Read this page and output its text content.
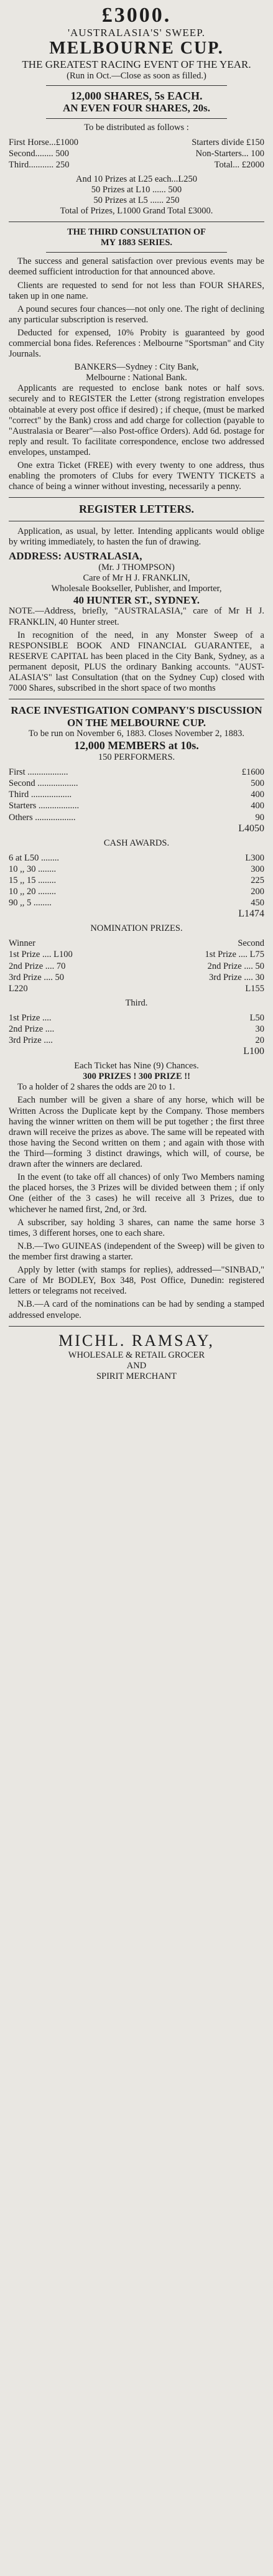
£3000.
'AUSTRALASIA'S' SWEEP.
MELBOURNE CUP.
THE GREATEST RACING EVENT OF THE YEAR.
(Run in Oct.—Close as soon as filled.)
12,000 SHARES, 5s EACH.
AN EVEN FOUR SHARES, 20s.
To be distributed as follows :
First Horse...£1000	Starters divide £150
Second........ 500	Non-Starters... 100
Third........... 250	Total... £2000
And 10 Prizes at L25 each...L250
50 Prizes at L10 ...... 500
50 Prizes at L5 ...... 250
Total of Prizes, L1000 Grand Total £3000.
THE THIRD CONSULTATION OF
MY 1883 SERIES.

The success and general satisfaction over previous events may be deemed sufficient introduction for that announced above.

Clients are requested to send for not less than FOUR SHARES, taken up in one name.

A pound secures four chances—not only one. The right of declining any particular subscription is reserved.

Deducted for expensed, 10% Probity is guaranteed by good commercial bona fides. References : Melbourne "Sportsman" and City Journals.

BANKERS—Sydney : City Bank,
Melbourne : National Bank.

Applicants are requested to enclose bank notes or half sovs. securely and to REGISTER the Letter (strong registration envelopes obtainable at every post office if desired) ; if cheque, (must be marked "correct" by the Bank) cross and add charge for collection (payable to "Australasia or Bearer"—also Post-office Orders). Add 6d. postage for reply and result. To facilitate correspondence, enclose two addressed envelopes, unstamped.

One extra Ticket (FREE) with every twenty to one address, thus enabling the promoters of Clubs for every TWENTY TICKETS a chance of being a winner without investing, necessarily a penny.

REGISTER LETTERS.

Application, as usual, by letter. Intending applicants would oblige by writing immediately, to hasten the fun of drawing.

ADDRESS: AUSTRALASIA,
(Mr. J THOMPSON)
Care of Mr H J. FRANKLIN,
Wholesale Bookseller, Publisher, and Importer,
40 HUNTER ST., SYDNEY.

NOTE.—Address, briefly, "AUSTRALASIA," care of Mr H J. FRANKLIN, 40 Hunter street.

In recognition of the need, in any Monster Sweep of a RESPONSIBLE BOOK AND FINANCIAL GUARANTEE, a RESERVE CAPITAL has been placed in the City Bank, Sydney, as a permanent deposit, PLUS the ordinary Banking accounts. "AUST-ALASIA'S" last Consultation (that on the Sydney Cup) closed with 7000 Shares, subscribed in the short space of two months

RACE INVESTIGATION COMPANY'S DISCUSSION ON THE MELBOURNE CUP.
To be run on November 6, 1883. Closes November 2, 1883.
12,000 MEMBERS at 10s.
150 PERFORMERS.
First ..................	£1600
Second ..................	500
Third ..................	400
Starters ..................	400
Others ..................	90
L4050
CASH AWARDS.
6 at L50 ........	L300
10 ,, 30 ........	300
15 ,, 15 ........	225
10 ,, 20 ........	200
90 ,, 5 ........	450
L1474
NOMINATION PRIZES.
Winner	Second
1st Prize .... L100	1st Prize .... L75
2nd Prize .... 70	2nd Prize .... 50
3rd Prize .... 50	3rd Prize .... 30
L220	L155
Third.
1st Prize ....	L50
2nd Prize ....	30
3rd Prize ....	20
L100
Each Ticket has Nine (9) Chances.
300 PRIZES ! 300 PRIZE !!

To a holder of 2 shares the odds are 20 to 1.

Each number will be given a share of any horse, which will be Written Across the Duplicate kept by the Company. Those members having the winner written on them will be put together ; the first three drawn will receive the prizes as above. The same will be repeated with those having the Second written on them ; and again with those with the Third—forming 3 distinct drawings, which will, of course, be drawn after the winners are declared.

In the event (to take off all chances) of only Two Members naming the placed horses, the 3 Prizes will be divided between them ; if only One (either of the 3 cases) he will receive all 3 Prizes, due to whichever he named first, 2nd, or 3rd.

A subscriber, say holding 3 shares, can name the same horse 3 times, 3 different horses, one to each share.

N.B.—Two GUINEAS (independent of the Sweep) will be given to the member first drawing a starter.

Apply by letter (with stamps for replies), addressed—"SINBAD," Care of Mr BODLEY, Box 348, Post Office, Dunedin: registered letters or telegrams not received.

N.B.—A card of the nominations can be had by sending a stamped addressed envelope.

MICHL. RAMSAY,
WHOLESALE & RETAIL GROCER
AND
SPIRIT MERCHANT
